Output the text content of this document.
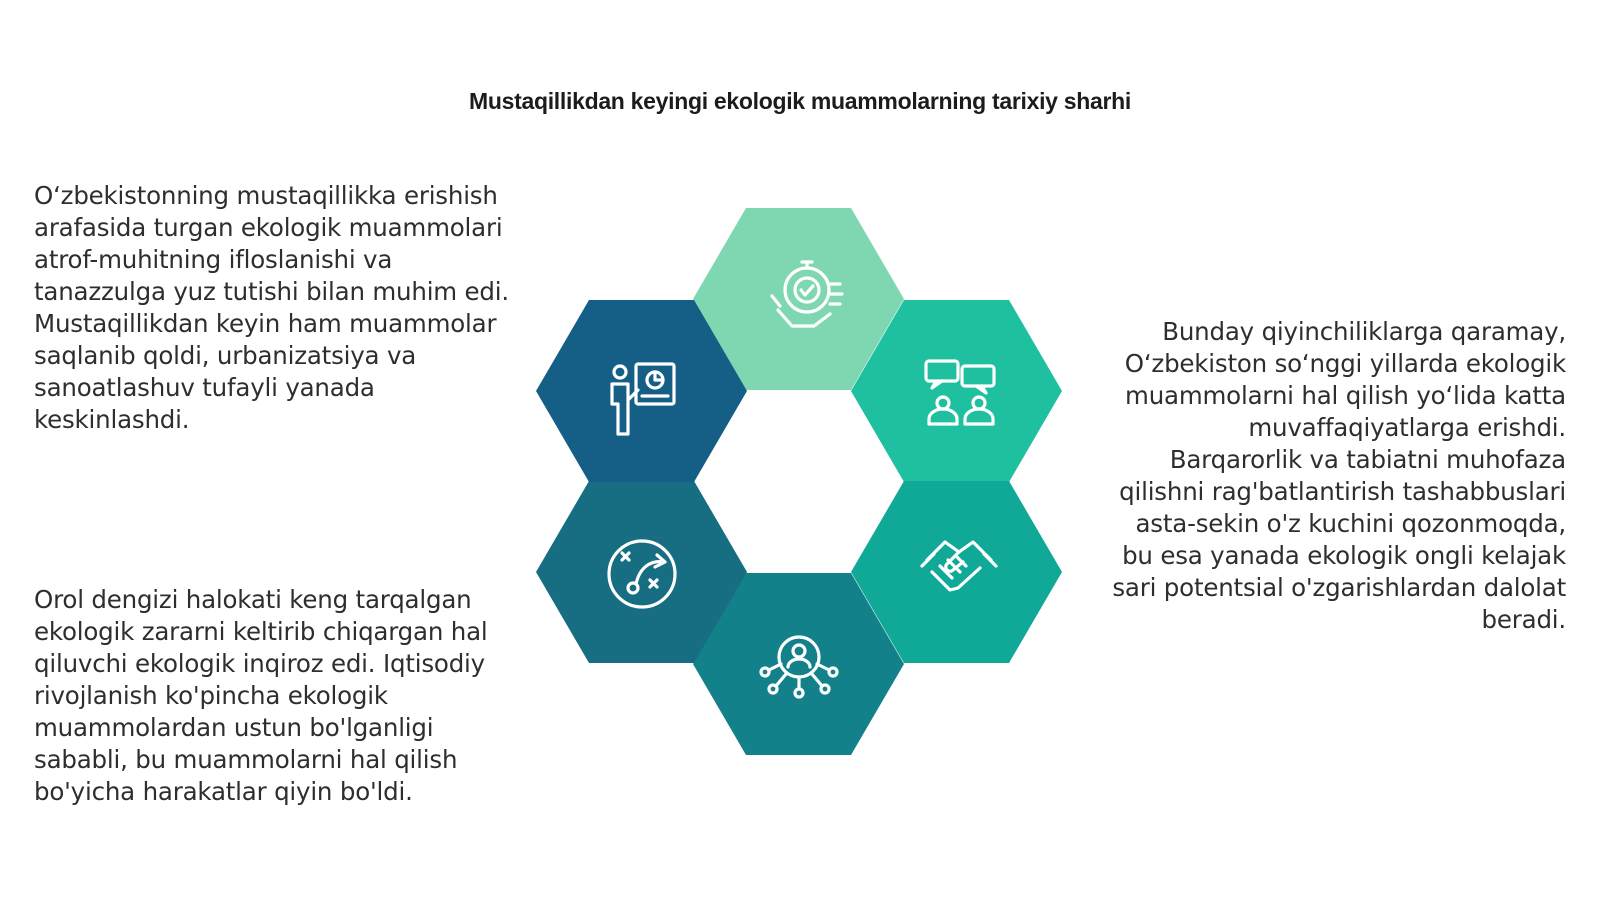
Mustaqillikdan keyingi ekologik muammolarning tarixiy sharhi
O‘zbekistonning mustaqillikka erishish arafasida turgan ekologik muammolari atrof-muhitning ifloslanishi va tanazzulga yuz tutishi bilan muhim edi. Mustaqillikdan keyin ham muammolar saqlanib qoldi, urbanizatsiya va sanoatlashuv tufayli yanada keskinlashdi.
Orol dengizi halokati keng tarqalgan ekologik zararni keltirib chiqargan hal qiluvchi ekologik inqiroz edi. Iqtisodiy rivojlanish ko'pincha ekologik muammolardan ustun bo'lganligi sababli, bu muammolarni hal qilish bo'yicha harakatlar qiyin bo'ldi.
Bunday qiyinchiliklarga qaramay, O‘zbekiston so‘nggi yillarda ekologik muammolarni hal qilish yo‘lida katta muvaffaqiyatlarga erishdi. Barqarorlik va tabiatni muhofaza qilishni rag'batlantirish tashabbuslari asta-sekin o'z kuchini qozonmoqda, bu esa yanada ekologik ongli kelajak sari potentsial o'zgarishlardan dalolat beradi.
